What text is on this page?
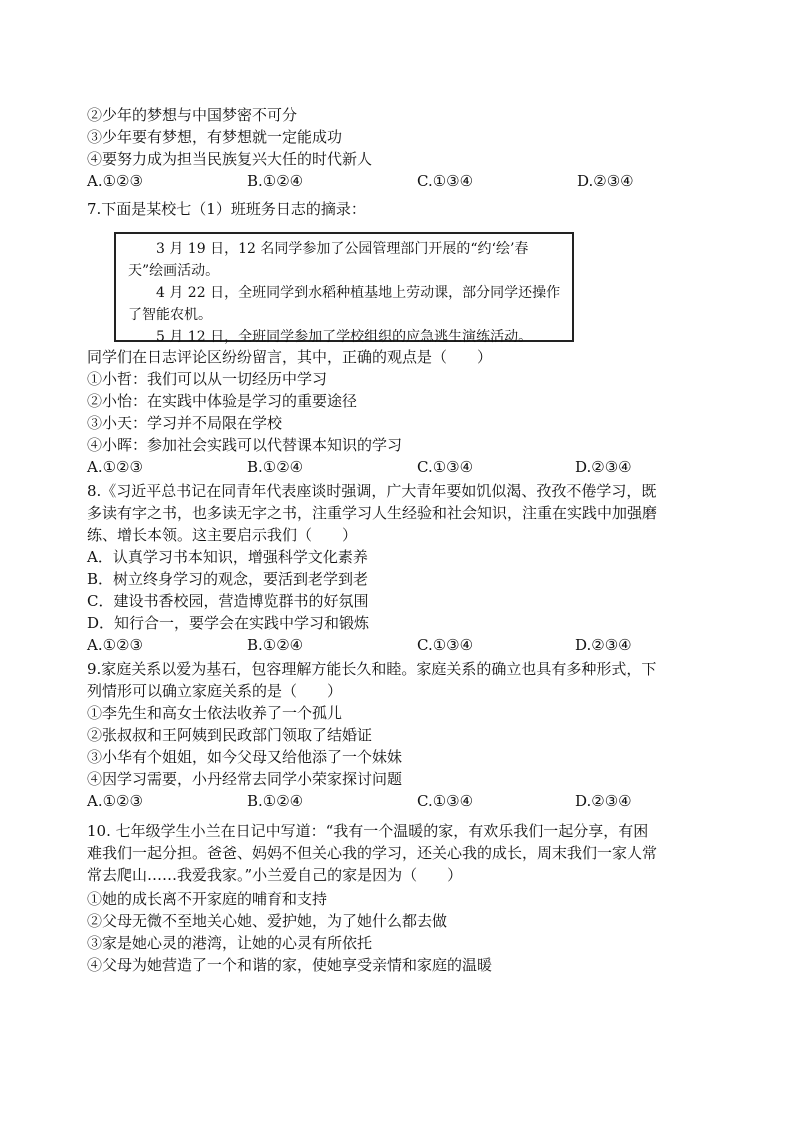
②少年的梦想与中国梦密不可分
③少年要有梦想，有梦想就一定能成功
④要努力成为担当民族复兴大任的时代新人
A.①②③	B.①②④	C.①③④	D.②③④
7.下面是某校七（1）班班务日志的摘录：

3 月 19 日，12 名同学参加了公园管理部门开展的“约‘绘’春天”绘画活动。

4 月 22 日，全班同学到水稻种植基地上劳动课，部分同学还操作了智能农机。

5 月 12 日，全班同学参加了学校组织的应急逃生演练活动。

同学们在日志评论区纷纷留言，其中，正确的观点是（　　）
①小哲：我们可以从一切经历中学习
②小怡：在实践中体验是学习的重要途径
③小天：学习并不局限在学校
④小晖：参加社会实践可以代替课本知识的学习
A.①②③	B.①②④	C.①③④	D.②③④
8.《习近平总书记在同青年代表座谈时强调，广大青年要如饥似渴、孜孜不倦学习，既
多读有字之书，也多读无字之书，注重学习人生经验和社会知识，注重在实践中加强磨
练、增长本领。这主要启示我们（　　）
A．认真学习书本知识，增强科学文化素养
B．树立终身学习的观念，要活到老学到老
C．建设书香校园，营造博览群书的好氛围
D．知行合一，要学会在实践中学习和锻炼
A.①②③	B.①②④	C.①③④	D.②③④
9.家庭关系以爱为基石，包容理解方能长久和睦。家庭关系的确立也具有多种形式，下
列情形可以确立家庭关系的是（　　）
①李先生和高女士依法收养了一个孤儿
②张叔叔和王阿姨到民政部门领取了结婚证
③小华有个姐姐，如今父母又给他添了一个妹妹
④因学习需要，小丹经常去同学小荣家探讨问题
A.①②③	B.①②④	C.①③④	D.②③④
10. 七年级学生小兰在日记中写道：“我有一个温暖的家，有欢乐我们一起分享，有困
难我们一起分担。爸爸、妈妈不但关心我的学习，还关心我的成长，周末我们一家人常
常去爬山……我爱我家。”小兰爱自己的家是因为（　　）
①她的成长离不开家庭的哺育和支持
②父母无微不至地关心她、爱护她，为了她什么都去做
③家是她心灵的港湾，让她的心灵有所依托
④父母为她营造了一个和谐的家，使她享受亲情和家庭的温暖
